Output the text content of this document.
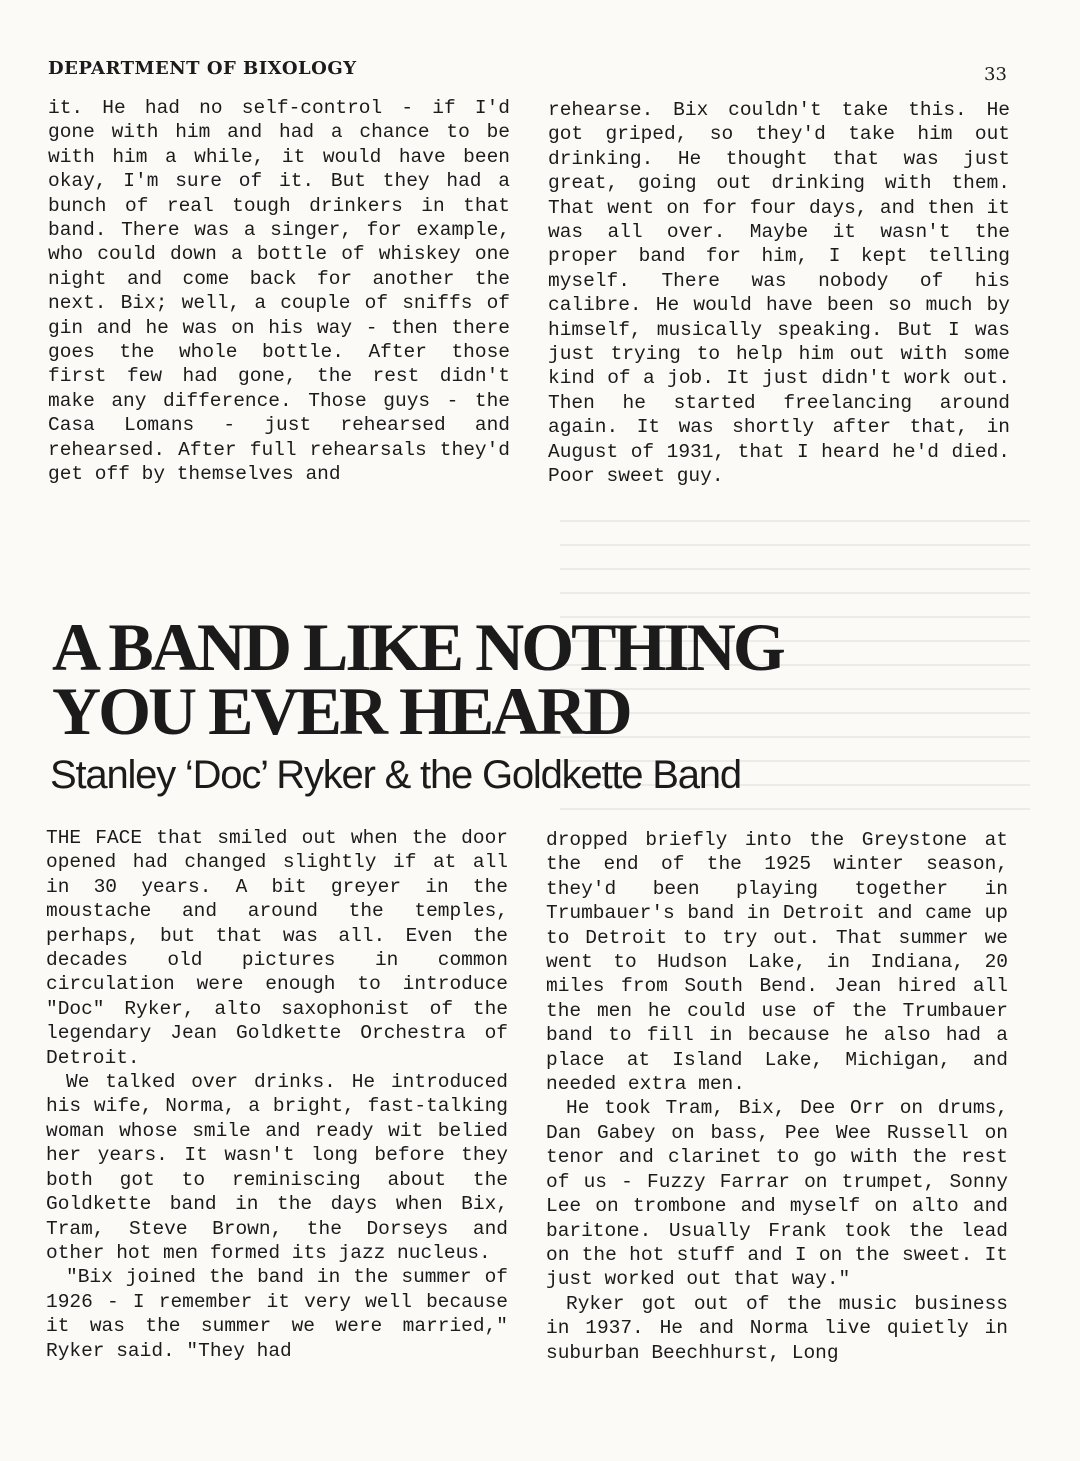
DEPARTMENT OF BIXOLOGY	33

it. He had no self-control - if I'd gone with him and had a chance to be with him a while, it would have been okay, I'm sure of it. But they had a bunch of real tough drinkers in that band. There was a singer, for example, who could down a bottle of whiskey one night and come back for another the next. Bix; well, a couple of sniffs of gin and he was on his way - then there goes the whole bottle. After those first few had gone, the rest didn't make any difference. Those guys - the Casa Lomans - just rehearsed and rehearsed. After full rehearsals they'd get off by themselves and

rehearse. Bix couldn't take this. He got griped, so they'd take him out drinking. He thought that was just great, going out drinking with them. That went on for four days, and then it was all over. Maybe it wasn't the proper band for him, I kept telling myself. There was nobody of his calibre. He would have been so much by himself, musically speaking. But I was just trying to help him out with some kind of a job. It just didn't work out. Then he started freelancing around again. It was shortly after that, in August of 1931, that I heard he'd died. Poor sweet guy.

A BAND LIKE NOTHING
YOU EVER HEARD
Stanley ‘Doc’ Ryker & the Goldkette Band

THE FACE that smiled out when the door opened had changed slightly if at all in 30 years. A bit greyer in the moustache and around the temples, perhaps, but that was all. Even the decades old pictures in common circulation were enough to introduce "Doc" Ryker, alto saxophonist of the legendary Jean Goldkette Orchestra of Detroit.

We talked over drinks. He introduced his wife, Norma, a bright, fast-talking woman whose smile and ready wit belied her years. It wasn't long before they both got to reminiscing about the Goldkette band in the days when Bix, Tram, Steve Brown, the Dorseys and other hot men formed its jazz nucleus.

"Bix joined the band in the summer of 1926 - I remember it very well because it was the summer we were married," Ryker said. "They had

dropped briefly into the Greystone at the end of the 1925 winter season, they'd been playing together in Trumbauer's band in Detroit and came up to Detroit to try out. That summer we went to Hudson Lake, in Indiana, 20 miles from South Bend. Jean hired all the men he could use of the Trumbauer band to fill in because he also had a place at Island Lake, Michigan, and needed extra men.

He took Tram, Bix, Dee Orr on drums, Dan Gabey on bass, Pee Wee Russell on tenor and clarinet to go with the rest of us - Fuzzy Farrar on trumpet, Sonny Lee on trombone and myself on alto and baritone. Usually Frank took the lead on the hot stuff and I on the sweet. It just worked out that way."

Ryker got out of the music business in 1937. He and Norma live quietly in suburban Beechhurst, Long
